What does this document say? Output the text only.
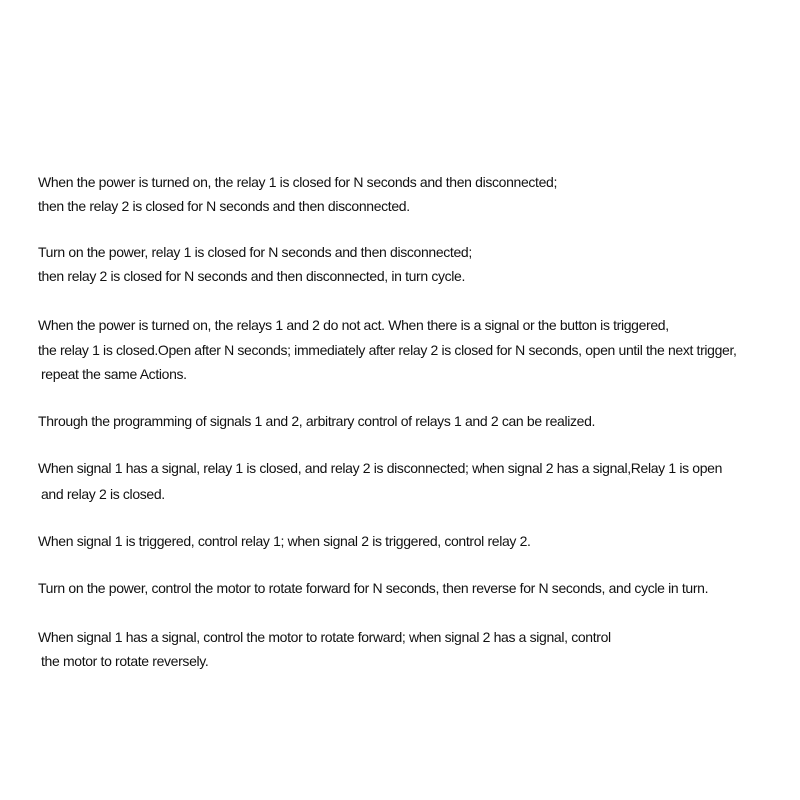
When the power is turned on, the relay 1 is closed for N seconds and then disconnected;
then the relay 2 is closed for N seconds and then disconnected.
Turn on the power, relay 1 is closed for N seconds and then disconnected;
then relay 2 is closed for N seconds and then disconnected, in turn cycle.
When the power is turned on, the relays 1 and 2 do not act. When there is a signal or the button is triggered,
the relay 1 is closed.Open after N seconds; immediately after relay 2 is closed for N seconds, open until the next trigger,
repeat the same Actions.
Through the programming of signals 1 and 2, arbitrary control of relays 1 and 2 can be realized.
When signal 1 has a signal, relay 1 is closed, and relay 2 is disconnected; when signal 2 has a signal,Relay 1 is open
and relay 2 is closed.
When signal 1 is triggered, control relay 1; when signal 2 is triggered, control relay 2.
Turn on the power, control the motor to rotate forward for N seconds, then reverse for N seconds, and cycle in turn.
When signal 1 has a signal, control the motor to rotate forward; when signal 2 has a signal, control
the motor to rotate reversely.
